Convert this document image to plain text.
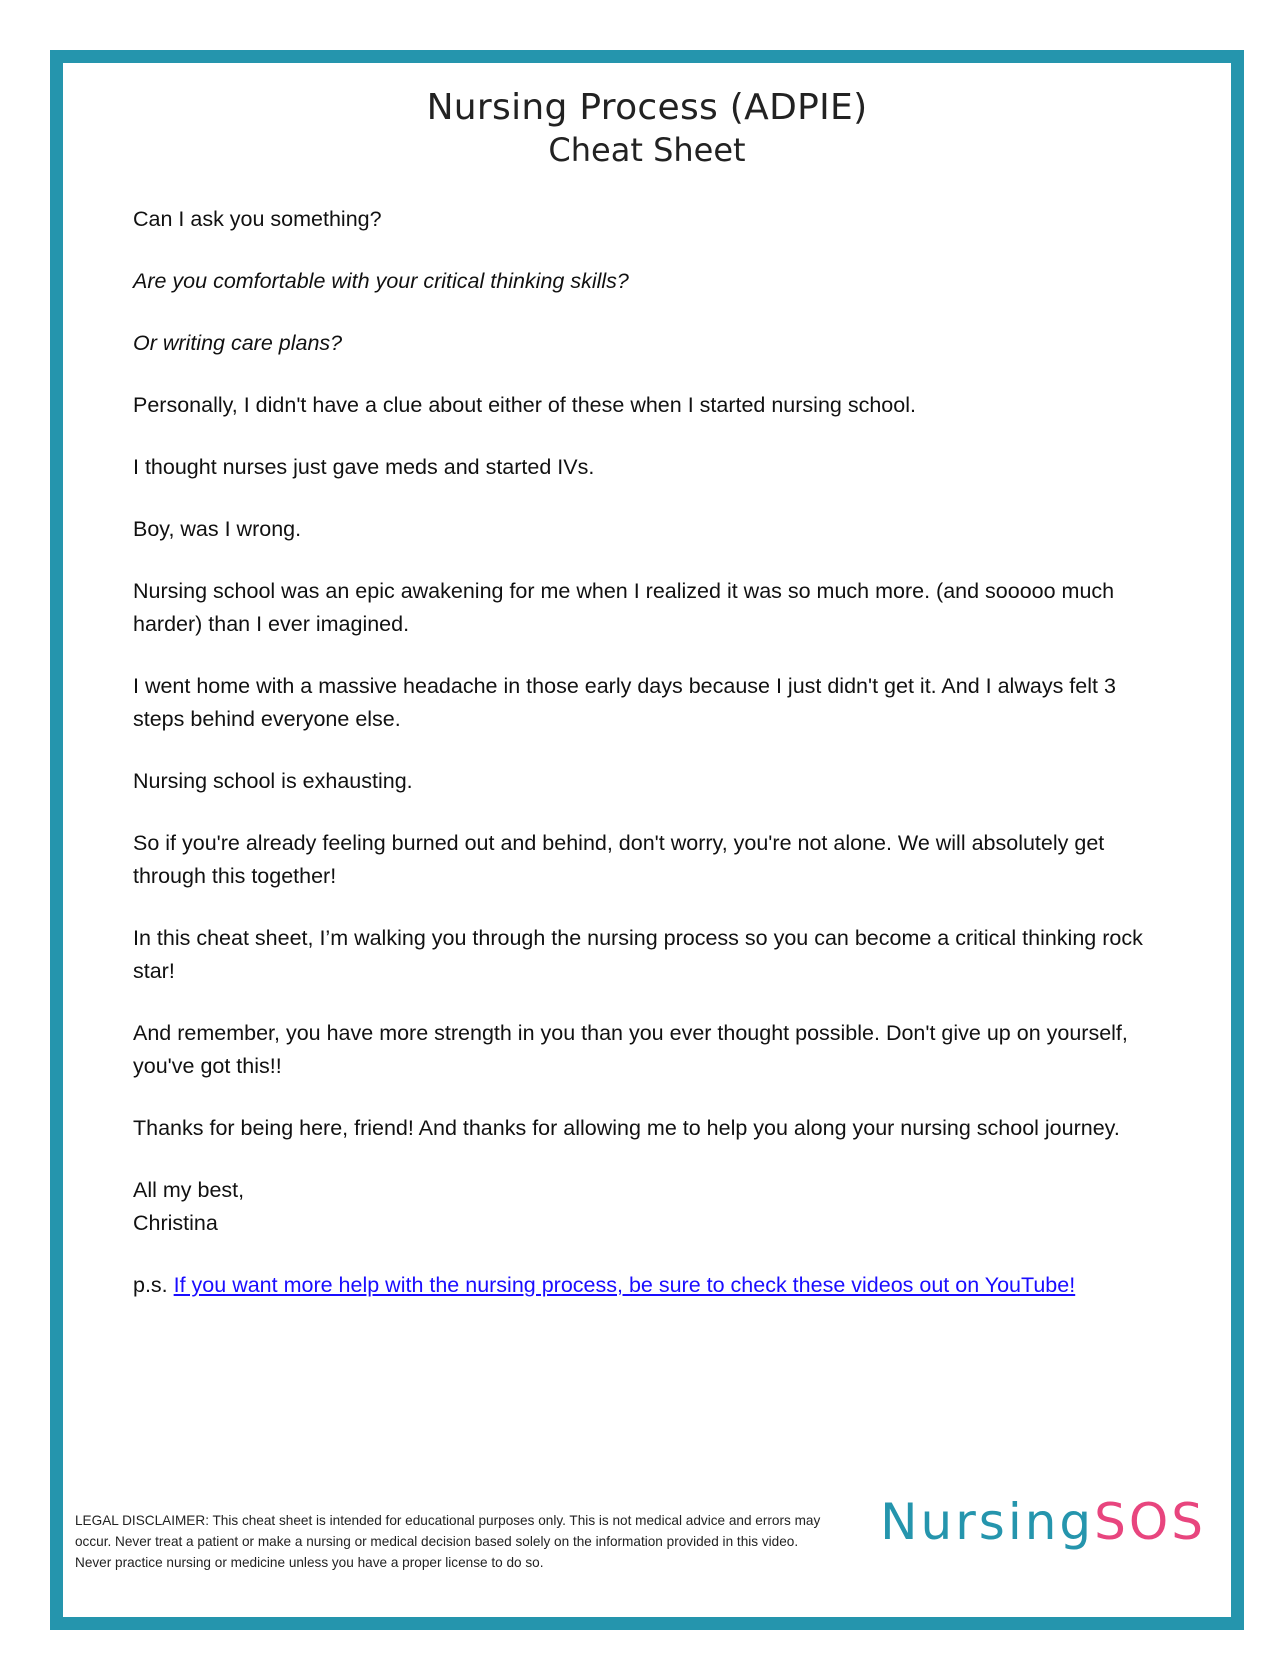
Nursing Process (ADPIE)
Cheat Sheet

Can I ask you something?

Are you comfortable with your critical thinking skills?

Or writing care plans?

Personally, I didn't have a clue about either of these when I started nursing school.

I thought nurses just gave meds and started IVs.

Boy, was I wrong.

Nursing school was an epic awakening for me when I realized it was so much more. (and sooooo much harder) than I ever imagined.

I went home with a massive headache in those early days because I just didn't get it. And I always felt 3 steps behind everyone else.

Nursing school is exhausting.

So if you're already feeling burned out and behind, don't worry, you're not alone. We will absolutely get through this together!

In this cheat sheet, I’m walking you through the nursing process so you can become a critical thinking rock star!

And remember, you have more strength in you than you ever thought possible. Don't give up on yourself, you've got this!!

Thanks for being here, friend! And thanks for allowing me to help you along your nursing school journey.

All my best,
Christina

p.s. If you want more help with the nursing process, be sure to check these videos out on YouTube!

LEGAL DISCLAIMER: This cheat sheet is intended for educational purposes only. This is not medical advice and errors may occur. Never treat a patient or make a nursing or medical decision based solely on the information provided in this video. Never practice nursing or medicine unless you have a proper license to do so.

NursingSOS
